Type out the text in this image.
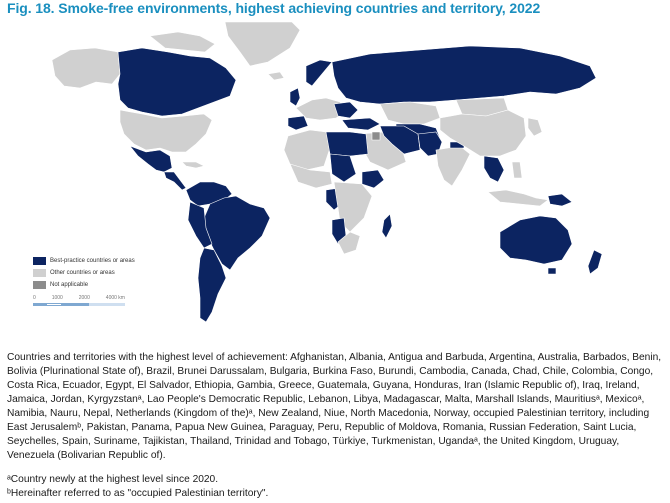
Fig. 18. Smoke-free environments, highest achieving countries and territory, 2022
Best-practice countries or areas
Other countries or areas
Not applicable
0	1000	2000	4000 km
Countries and territories with the highest level of achievement: Afghanistan, Albania, Antigua and Barbuda, Argentina, Australia, Barbados, Benin, Bolivia (Plurinational State of), Brazil, Brunei Darussalam, Bulgaria, Burkina Faso, Burundi, Cambodia, Canada, Chad, Chile, Colombia, Congo, Costa Rica, Ecuador, Egypt, El Salvador, Ethiopia, Gambia, Greece, Guatemala, Guyana, Honduras, Iran (Islamic Republic of), Iraq, Ireland, Jamaica, Jordan, Kyrgyzstanᵃ, Lao People's Democratic Republic, Lebanon, Libya, Madagascar, Malta, Marshall Islands, Mauritiusᵃ, Mexicoᵃ, Namibia, Nauru, Nepal, Netherlands (Kingdom of the)ᵃ, New Zealand, Niue, North Macedonia, Norway, occupied Palestinian territory, including East Jerusalemᵇ, Pakistan, Panama, Papua New Guinea, Paraguay, Peru, Republic of Moldova, Romania, Russian Federation, Saint Lucia, Seychelles, Spain, Suriname, Tajikistan, Thailand, Trinidad and Tobago, Türkiye, Turkmenistan, Ugandaᵃ, the United Kingdom, Uruguay, Venezuela (Bolivarian Republic of).
ᵃCountry newly at the highest level since 2020.
ᵇHereinafter referred to as "occupied Palestinian territory".
